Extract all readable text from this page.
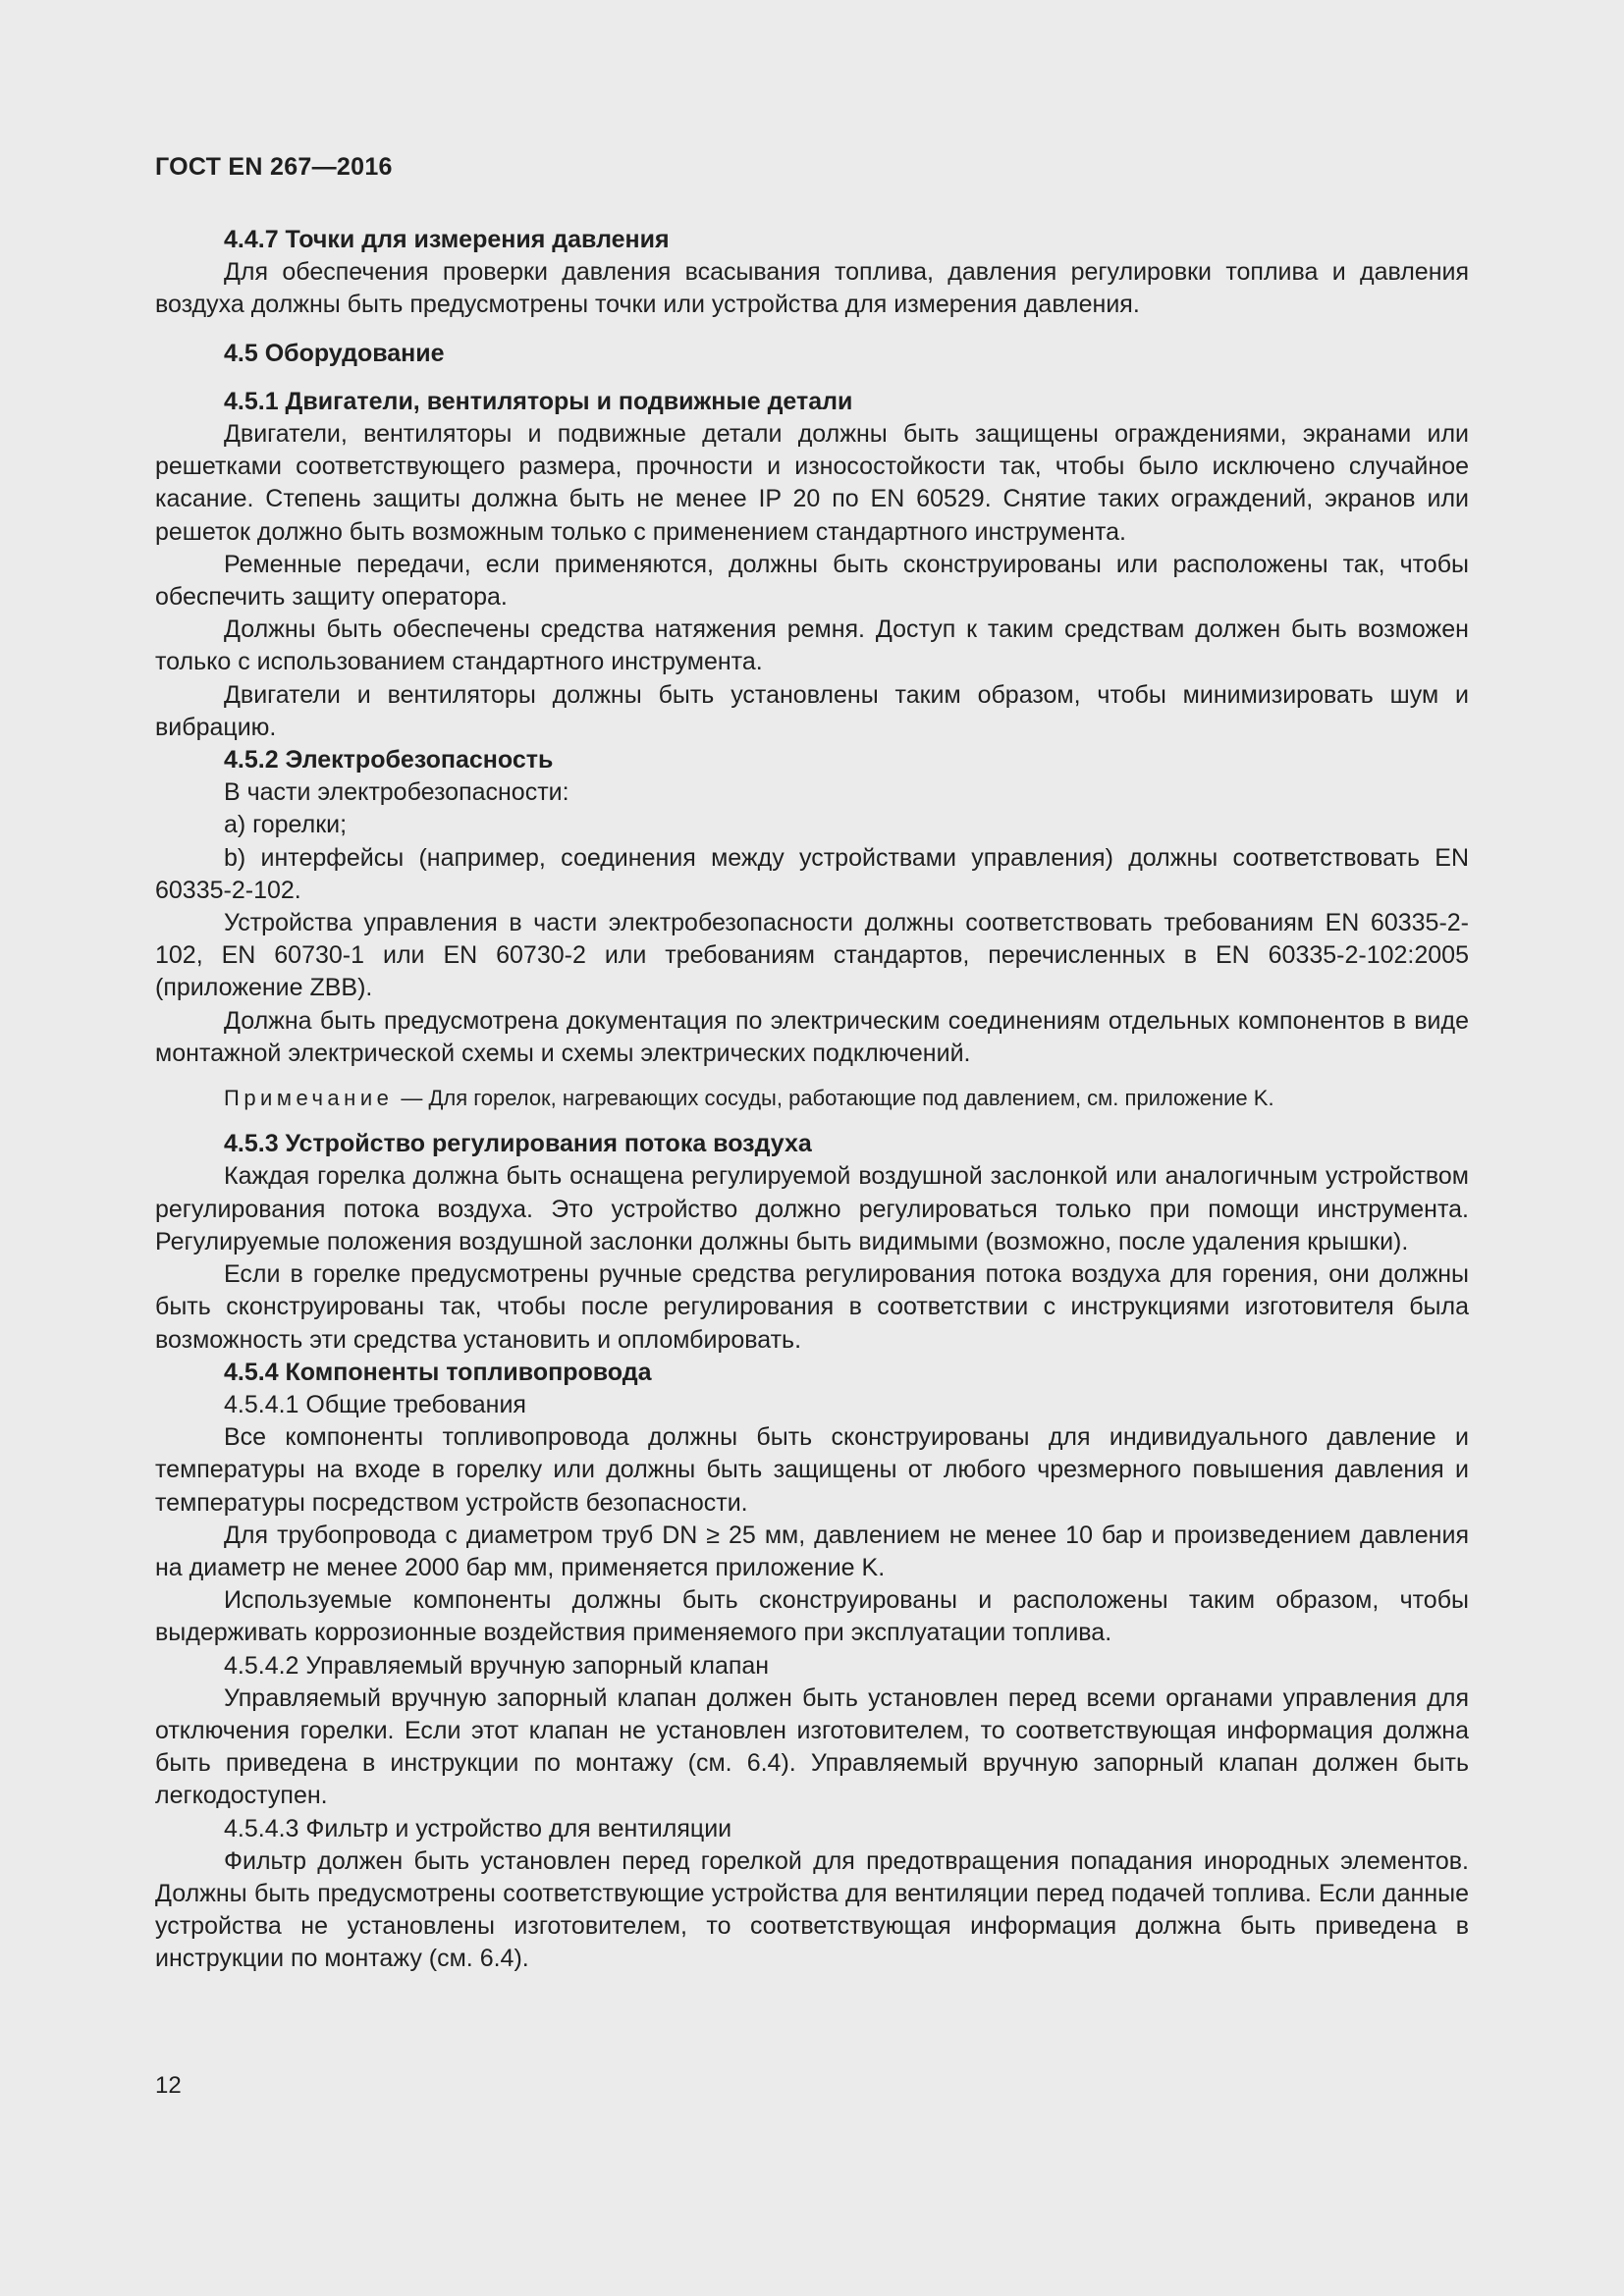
ГОСТ EN 267—2016
4.4.7 Точки для измерения давления

Для обеспечения проверки давления всасывания топлива, давления регулировки топлива и давления воздуха должны быть предусмотрены точки или устройства для измерения давления.

4.5 Оборудование
4.5.1 Двигатели, вентиляторы и подвижные детали

Двигатели, вентиляторы и подвижные детали должны быть защищены ограждениями, экранами или решетками соответствующего размера, прочности и износостойкости так, чтобы было исключено случайное касание. Степень защиты должна быть не менее IP 20 по EN 60529. Снятие таких ограждений, экранов или решеток должно быть возможным только с применением стандартного инструмента.

Ременные передачи, если применяются, должны быть сконструированы или расположены так, чтобы обеспечить защиту оператора.

Должны быть обеспечены средства натяжения ремня. Доступ к таким средствам должен быть возможен только с использованием стандартного инструмента.

Двигатели и вентиляторы должны быть установлены таким образом, чтобы минимизировать шум и вибрацию.

4.5.2 Электробезопасность

В части электробезопасности:

a) горелки;

b) интерфейсы (например, соединения между устройствами управления) должны соответствовать EN 60335-2-102.

Устройства управления в части электробезопасности должны соответствовать требованиям EN 60335-2-102, EN 60730-1 или EN 60730-2 или требованиям стандартов, перечисленных в EN 60335-2-102:2005 (приложение ZBB).

Должна быть предусмотрена документация по электрическим соединениям отдельных компонентов в виде монтажной электрической схемы и схемы электрических подключений.

Примечание — Для горелок, нагревающих сосуды, работающие под давлением, см. приложение K.
4.5.3 Устройство регулирования потока воздуха

Каждая горелка должна быть оснащена регулируемой воздушной заслонкой или аналогичным устройством регулирования потока воздуха. Это устройство должно регулироваться только при помощи инструмента. Регулируемые положения воздушной заслонки должны быть видимыми (возможно, после удаления крышки).

Если в горелке предусмотрены ручные средства регулирования потока воздуха для горения, они должны быть сконструированы так, чтобы после регулирования в соответствии с инструкциями изготовителя была возможность эти средства установить и опломбировать.

4.5.4 Компоненты топливопровода
4.5.4.1 Общие требования

Все компоненты топливопровода должны быть сконструированы для индивидуального давление и температуры на входе в горелку или должны быть защищены от любого чрезмерного повышения давления и температуры посредством устройств безопасности.

Для трубопровода с диаметром труб DN ≥ 25 мм, давлением не менее 10 бар и произведением давления на диаметр не менее 2000 бар мм, применяется приложение K.

Используемые компоненты должны быть сконструированы и расположены таким образом, чтобы выдерживать коррозионные воздействия применяемого при эксплуатации топлива.

4.5.4.2 Управляемый вручную запорный клапан

Управляемый вручную запорный клапан должен быть установлен перед всеми органами управления для отключения горелки. Если этот клапан не установлен изготовителем, то соответствующая информация должна быть приведена в инструкции по монтажу (см. 6.4). Управляемый вручную запорный клапан должен быть легкодоступен.

4.5.4.3 Фильтр и устройство для вентиляции

Фильтр должен быть установлен перед горелкой для предотвращения попадания инородных элементов. Должны быть предусмотрены соответствующие устройства для вентиляции перед подачей топлива. Если данные устройства не установлены изготовителем, то соответствующая информация должна быть приведена в инструкции по монтажу (см. 6.4).

12
